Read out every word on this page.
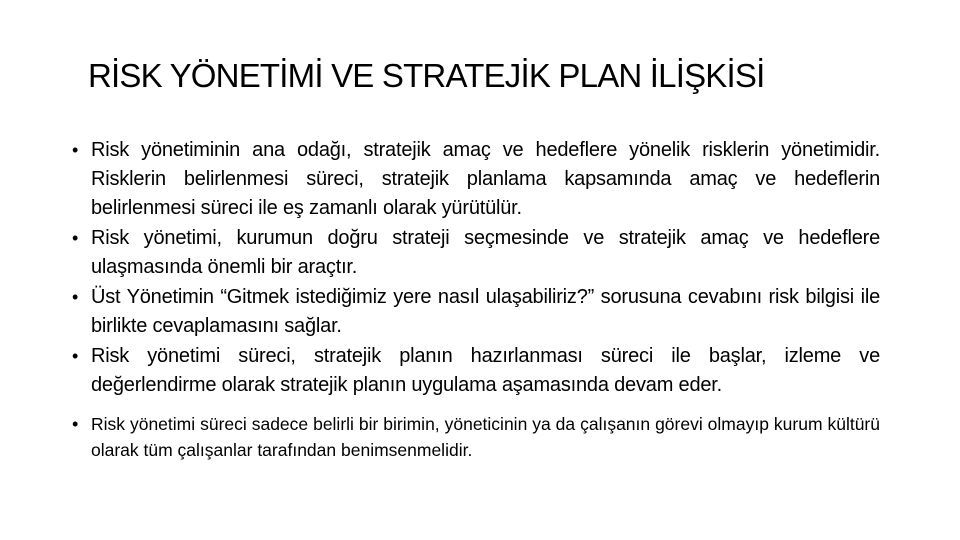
RİSK YÖNETİMİ VE STRATEJİK PLAN İLİŞKİSİ
• Risk yönetiminin ana odağı, stratejik amaç ve hedeflere yönelik risklerin yönetimidir. Risklerin belirlenmesi süreci, stratejik planlama kapsamında amaç ve hedeflerin belirlenmesi süreci ile eş zamanlı olarak yürütülür.
• Risk yönetimi, kurumun doğru strateji seçmesinde ve stratejik amaç ve hedeflere ulaşmasında önemli bir araçtır.
• Üst Yönetimin “Gitmek istediğimiz yere nasıl ulaşabiliriz?” sorusuna cevabını risk bilgisi ile birlikte cevaplamasını sağlar.
• Risk yönetimi süreci, stratejik planın hazırlanması süreci ile başlar, izleme ve değerlendirme olarak stratejik planın uygulama aşamasında devam eder.
• Risk yönetimi süreci sadece belirli bir birimin, yöneticinin ya da çalışanın görevi olmayıp kurum kültürü olarak tüm çalışanlar tarafından benimsenmelidir.
